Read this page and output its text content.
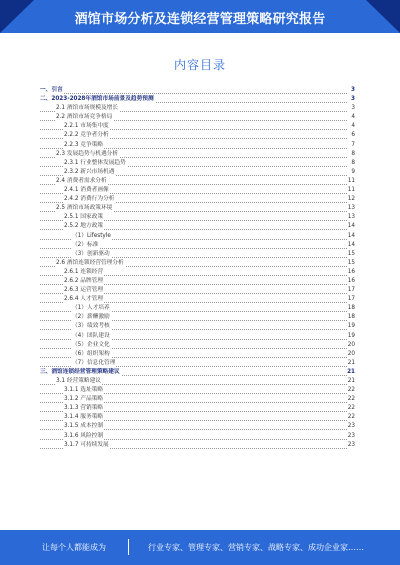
酒馆市场分析及连锁经营管理策略研究报告
内容目录
一、引言	3
二、2023-2028年酒馆市场前景及趋势预测	3
2.1 酒馆市场规模及增长	3
2.2 酒馆市场竞争格局	4
2.2.1 市场集中度	4
2.2.2 竞争者分析	6
2.2.3 竞争策略	7
2.3 发展趋势与机遇分析	8
2.3.1 行业整体发展趋势	8
2.3.2 新兴市场机遇	9
2.4 消费者需求分析	11
2.4.1 消费者画像	11
2.4.2 消费行为分析	12
2.5 酒馆市场政策环境	13
2.5.1 国家政策	13
2.5.2 地方政策	14
（1）Lifestyle	14
（2）标准	14
（3）创新驱动	15
2.6 酒馆连锁经营管理分析	15
2.6.1 连锁经营	16
2.6.2 品牌管理	16
2.6.3 运营管理	17
2.6.4 人才管理	17
（1）人才培养	18
（2）薪酬激励	18
（3）绩效考核	19
（4）团队建设	19
（5）企业文化	20
（6）组织架构	20
（7）信息化管理	21
三、酒馆连锁经营管理策略建议	21
3.1 经营策略建议	21
3.1.1 选址策略	22
3.1.2 产品策略	22
3.1.3 营销策略	22
3.1.4 服务策略	22
3.1.5 成本控制	23
3.1.6 风险控制	23
3.1.7 可持续发展	23
让每个人都能成为	行业专家、管理专家、营销专家、战略专家、成功企业家……
